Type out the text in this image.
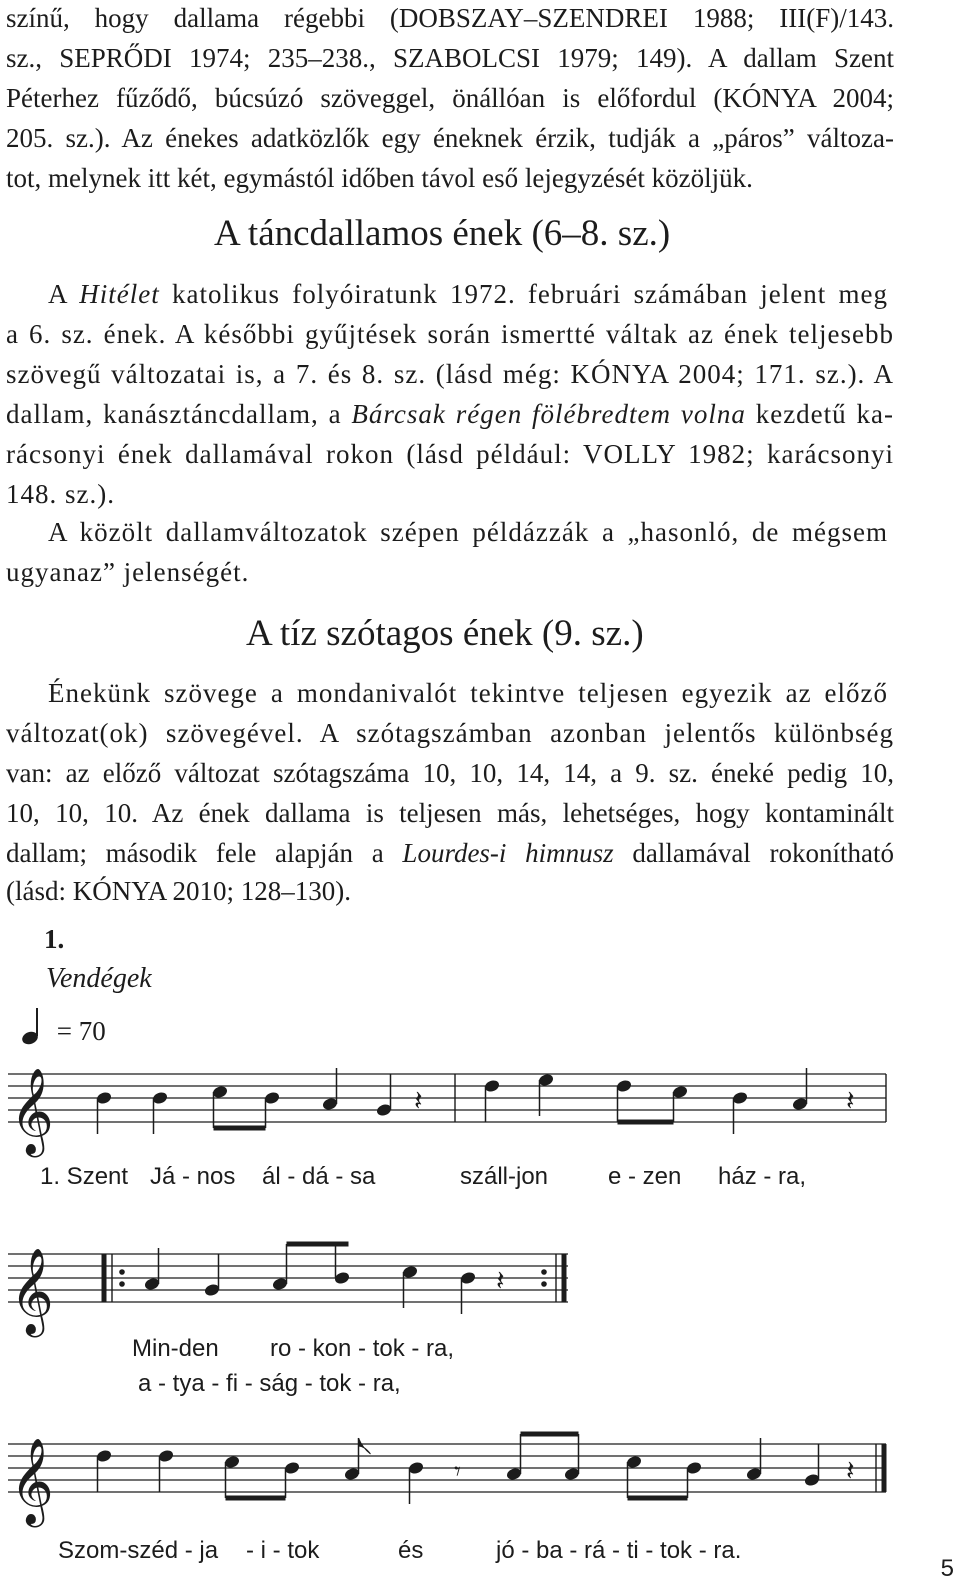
színű, hogy dallama régebbi (DOBSZAY–SZENDREI 1988; III(F)/143.

sz., SEPRŐDI 1974; 235–238., SZABOLCSI 1979; 149). A dallam Szent

Péterhez fűződő, búcsúzó szöveggel, önállóan is előfordul (KÓNYA 2004;

205. sz.). Az énekes adatközlők egy éneknek érzik, tudják a „páros” változa-

tot, melynek itt két, egymástól időben távol eső lejegyzését közöljük.

A táncdallamos ének (6–8. sz.)

A Hitélet katolikus folyóiratunk 1972. februári számában jelent meg

a 6. sz. ének. A későbbi gyűjtések során ismertté váltak az ének teljesebb

szövegű változatai is, a 7. és 8. sz. (lásd még: KÓNYA 2004; 171. sz.). A

dallam, kanásztáncdallam, a Bárcsak régen fölébredtem volna kezdetű ka-

rácsonyi ének dallamával rokon (lásd például: VOLLY 1982; karácsonyi

148. sz.).

A közölt dallamváltozatok szépen példázzák a „hasonló, de mégsem

ugyanaz” jelenségét.

A tíz szótagos ének (9. sz.)

Énekünk szövege a mondanivalót tekintve teljesen egyezik az előző

változat(ok) szövegével. A szótagszámban azonban jelentős különbség

van: az előző változat szótagszáma 10, 10, 14, 14, a 9. sz. éneké pedig 10,

10, 10, 10. Az ének dallama is teljesen más, lehetséges, hogy kontaminált

dallam; második fele alapján a Lourdes-i himnusz dallamával rokonítható

(lásd: KÓNYA 2010; 128–130).

1.

Vendégek

= 70
𝄞	𝄽	𝄽
𝄞	𝄽
𝄞	𝄾	𝄽

1. Szent Já - nos ál - dá - sa	száll-jon e - zen ház - ra,

Min-den ro - kon - tok - ra,

a - tya - fi - ság - tok - ra,

Szom-széd - ja - i - tok	és	jó - ba - rá - ti - tok - ra.

5
